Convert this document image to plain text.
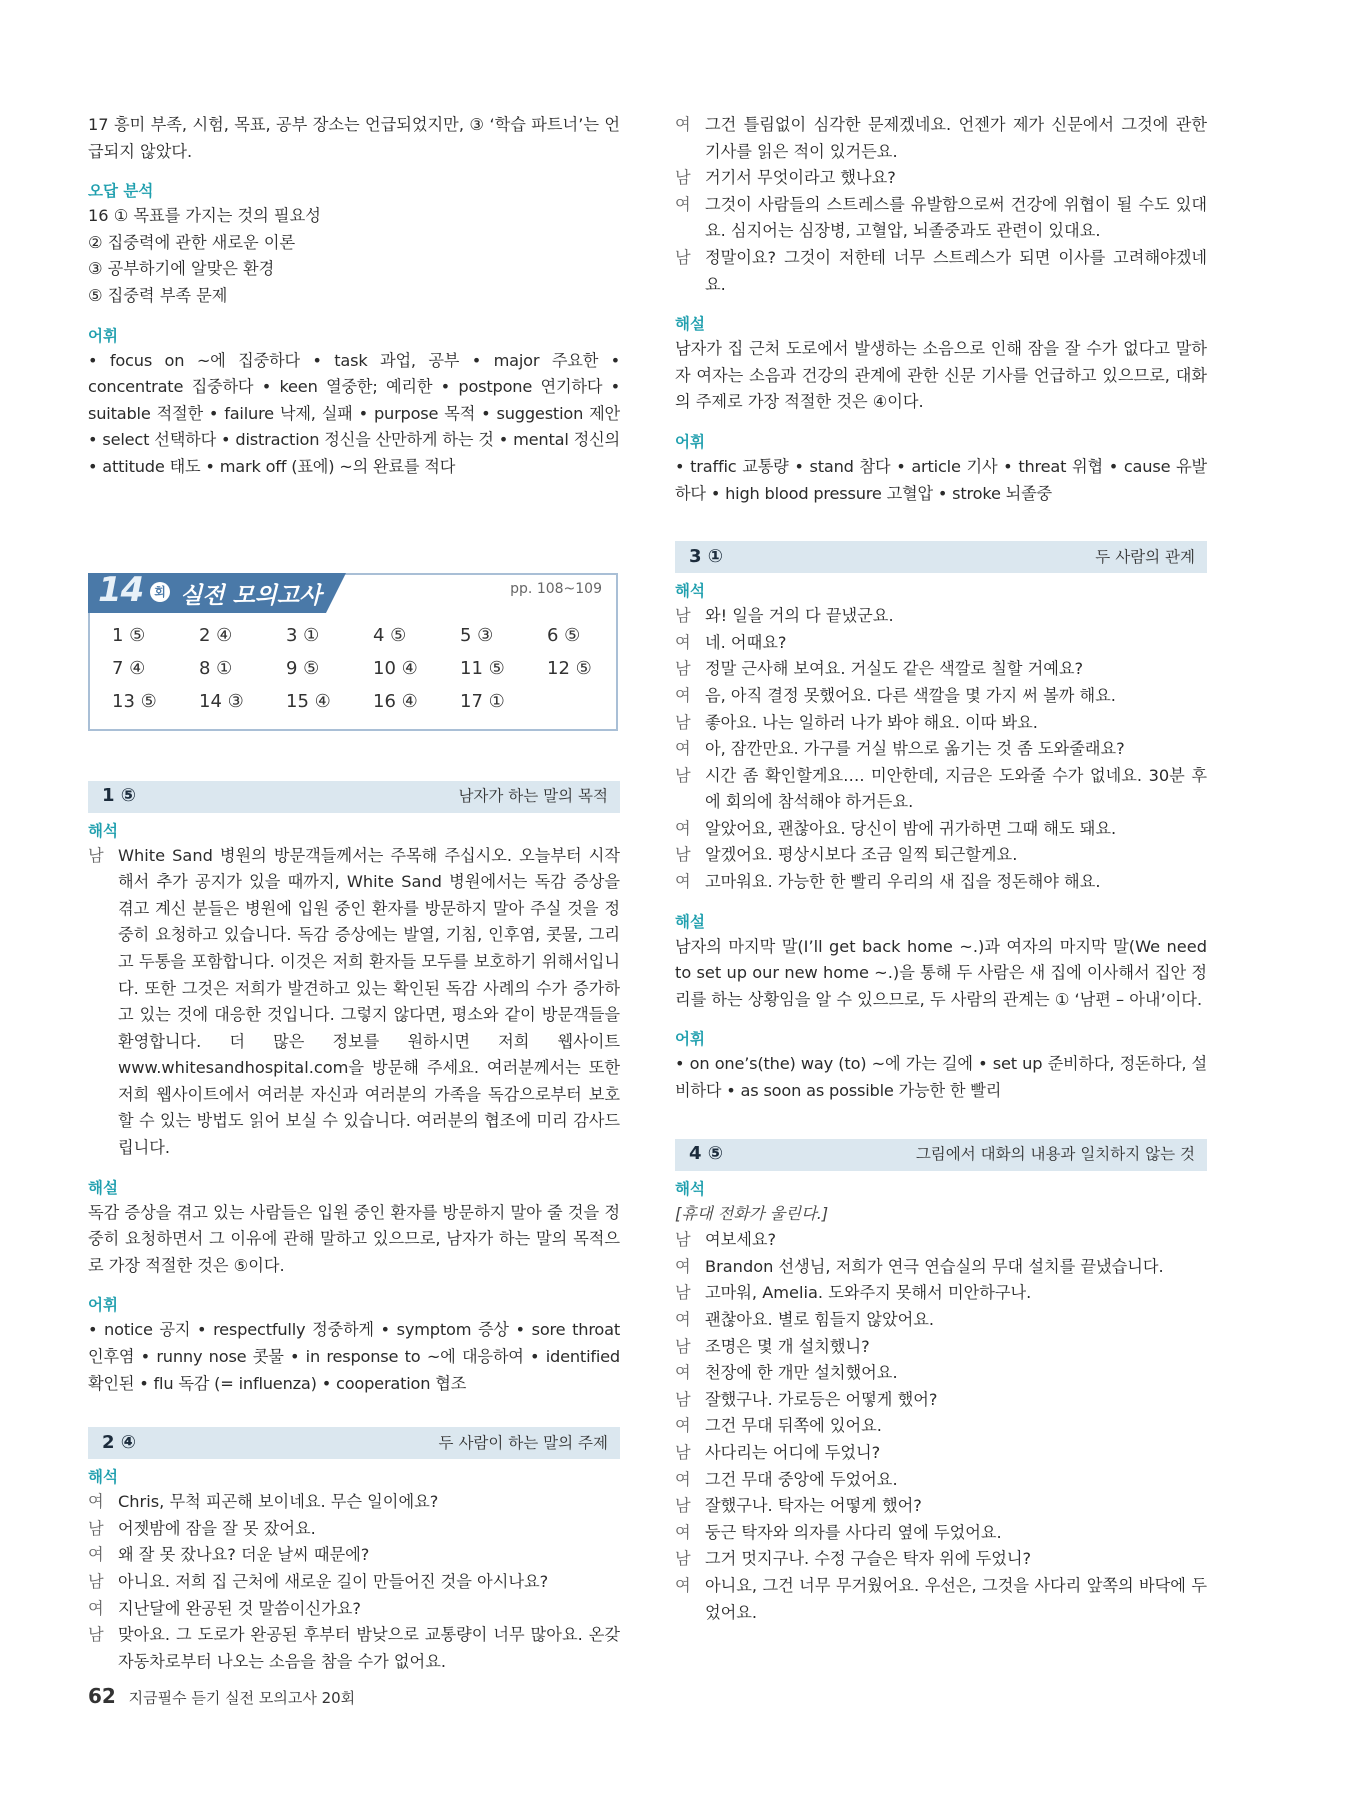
17 흥미 부족, 시험, 목표, 공부 장소는 언급되었지만, ③ ‘학습 파트너’는 언급되지 않았다.

오답 분석

16 ① 목표를 가지는 것의 필요성

② 집중력에 관한 새로운 이론

③ 공부하기에 알맞은 환경

⑤ 집중력 부족 문제

어휘

• focus on ~에 집중하다 • task 과업, 공부 • major 주요한 • concentrate 집중하다 • keen 열중한; 예리한 • postpone 연기하다 • suitable 적절한 • failure 낙제, 실패 • purpose 목적 • suggestion 제안 • select 선택하다 • distraction 정신을 산만하게 하는 것 • mental 정신의 • attitude 태도 • mark off (표에) ~의 완료를 적다

1 ⑤	남자가 하는 말의 목적

해석

남 White Sand 병원의 방문객들께서는 주목해 주십시오. 오늘부터 시작해서 추가 공지가 있을 때까지, White Sand 병원에서는 독감 증상을 겪고 계신 분들은 병원에 입원 중인 환자를 방문하지 말아 주실 것을 정중히 요청하고 있습니다. 독감 증상에는 발열, 기침, 인후염, 콧물, 그리고 두통을 포함합니다. 이것은 저희 환자들 모두를 보호하기 위해서입니다. 또한 그것은 저희가 발견하고 있는 확인된 독감 사례의 수가 증가하고 있는 것에 대응한 것입니다. 그렇지 않다면, 평소와 같이 방문객들을 환영합니다. 더 많은 정보를 원하시면 저희 웹사이트 www.whitesandhospital.com을 방문해 주세요. 여러분께서는 또한 저희 웹사이트에서 여러분 자신과 여러분의 가족을 독감으로부터 보호할 수 있는 방법도 읽어 보실 수 있습니다. 여러분의 협조에 미리 감사드립니다.

해설

독감 증상을 겪고 있는 사람들은 입원 중인 환자를 방문하지 말아 줄 것을 정중히 요청하면서 그 이유에 관해 말하고 있으므로, 남자가 하는 말의 목적으로 가장 적절한 것은 ⑤이다.

어휘

• notice 공지 • respectfully 정중하게 • symptom 증상 • sore throat 인후염 • runny nose 콧물 • in response to ~에 대응하여 • identified 확인된 • flu 독감 (= influenza) • cooperation 협조

2 ④	두 사람이 하는 말의 주제

해석

여 Chris, 무척 피곤해 보이네요. 무슨 일이에요?
남 어젯밤에 잠을 잘 못 잤어요.
여 왜 잘 못 잤나요? 더운 날씨 때문에?
남 아니요. 저희 집 근처에 새로운 길이 만들어진 것을 아시나요?
여 지난달에 완공된 것 말씀이신가요?
남 맞아요. 그 도로가 완공된 후부터 밤낮으로 교통량이 너무 많아요. 온갖 자동차로부터 나오는 소음을 참을 수가 없어요.
14 회 실전 모의고사	pp. 108~109
1 ⑤	2 ④	3 ①	4 ⑤	5 ③	6 ⑤
7 ④	8 ①	9 ⑤	10 ④	11 ⑤	12 ⑤
13 ⑤	14 ③	15 ④	16 ④	17 ①
여 그건 틀림없이 심각한 문제겠네요. 언젠가 제가 신문에서 그것에 관한 기사를 읽은 적이 있거든요.
남 거기서 무엇이라고 했나요?
여 그것이 사람들의 스트레스를 유발함으로써 건강에 위협이 될 수도 있대요. 심지어는 심장병, 고혈압, 뇌졸중과도 관련이 있대요.
남 정말이요? 그것이 저한테 너무 스트레스가 되면 이사를 고려해야겠네요.

해설

남자가 집 근처 도로에서 발생하는 소음으로 인해 잠을 잘 수가 없다고 말하자 여자는 소음과 건강의 관계에 관한 신문 기사를 언급하고 있으므로, 대화의 주제로 가장 적절한 것은 ④이다.

어휘

• traffic 교통량 • stand 참다 • article 기사 • threat 위협 • cause 유발하다 • high blood pressure 고혈압 • stroke 뇌졸중

3 ①	두 사람의 관계

해석

남 와! 일을 거의 다 끝냈군요.
여 네. 어때요?
남 정말 근사해 보여요. 거실도 같은 색깔로 칠할 거예요?
여 음, 아직 결정 못했어요. 다른 색깔을 몇 가지 써 볼까 해요.
남 좋아요. 나는 일하러 나가 봐야 해요. 이따 봐요.
여 아, 잠깐만요. 가구를 거실 밖으로 옮기는 것 좀 도와줄래요?
남 시간 좀 확인할게요…. 미안한데, 지금은 도와줄 수가 없네요. 30분 후에 회의에 참석해야 하거든요.
여 알았어요, 괜찮아요. 당신이 밤에 귀가하면 그때 해도 돼요.
남 알겠어요. 평상시보다 조금 일찍 퇴근할게요.
여 고마워요. 가능한 한 빨리 우리의 새 집을 정돈해야 해요.

해설

남자의 마지막 말(I’ll get back home ~.)과 여자의 마지막 말(We need to set up our new home ~.)을 통해 두 사람은 새 집에 이사해서 집안 정리를 하는 상황임을 알 수 있으므로, 두 사람의 관계는 ① ‘남편 – 아내’이다.

어휘

• on one’s(the) way (to) ~에 가는 길에 • set up 준비하다, 정돈하다, 설비하다 • as soon as possible 가능한 한 빨리

4 ⑤	그림에서 대화의 내용과 일치하지 않는 것

해석

[휴대 전화가 울린다.]

남 여보세요?
여 Brandon 선생님, 저희가 연극 연습실의 무대 설치를 끝냈습니다.
남 고마워, Amelia. 도와주지 못해서 미안하구나.
여 괜찮아요. 별로 힘들지 않았어요.
남 조명은 몇 개 설치했니?
여 천장에 한 개만 설치했어요.
남 잘했구나. 가로등은 어떻게 했어?
여 그건 무대 뒤쪽에 있어요.
남 사다리는 어디에 두었니?
여 그건 무대 중앙에 두었어요.
남 잘했구나. 탁자는 어떻게 했어?
여 둥근 탁자와 의자를 사다리 옆에 두었어요.
남 그거 멋지구나. 수정 구슬은 탁자 위에 두었니?
여 아니요, 그건 너무 무거웠어요. 우선은, 그것을 사다리 앞쪽의 바닥에 두었어요.
62 지금필수 듣기 실전 모의고사 20회
